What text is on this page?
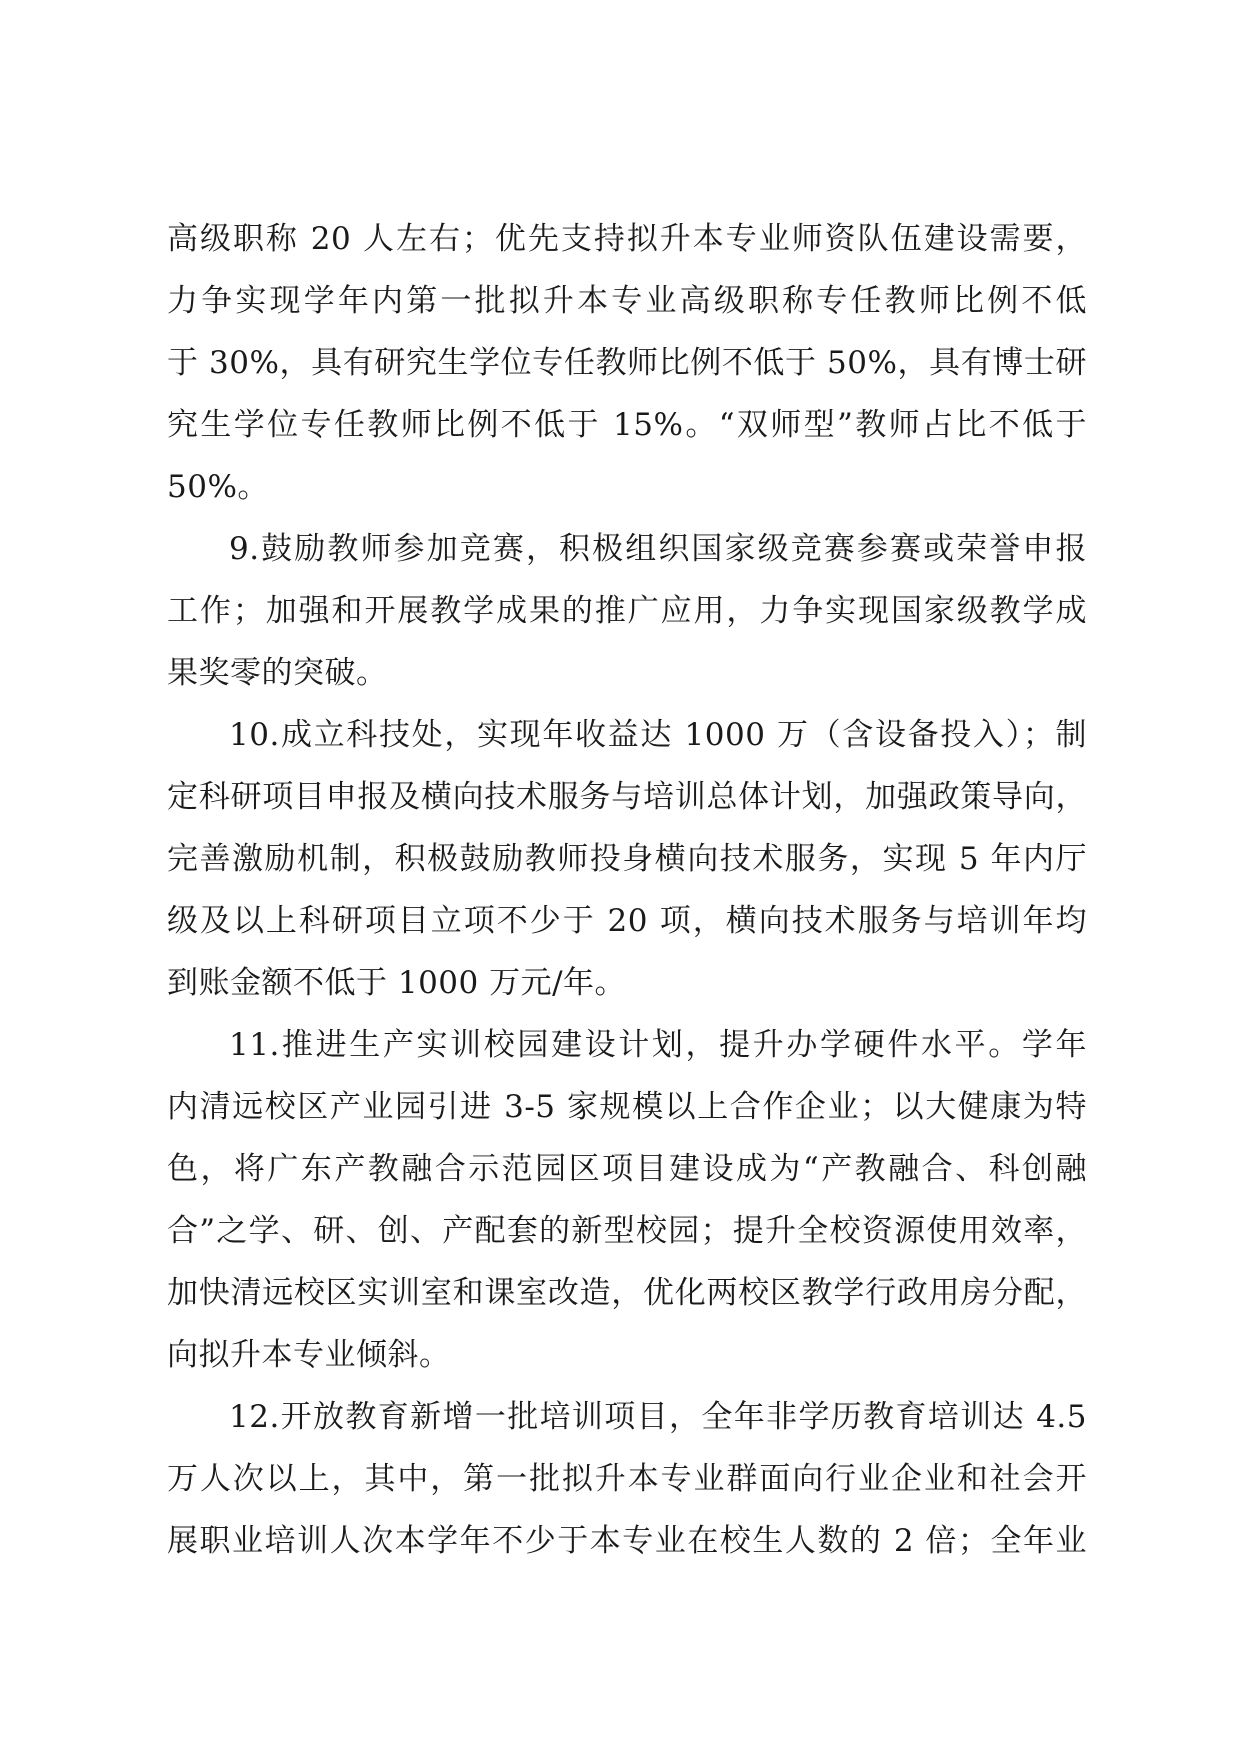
高级职称 20 人左右；优先支持拟升本专业师资队伍建设需要，
力争实现学年内第一批拟升本专业高级职称专任教师比例不低
于 30%，具有研究生学位专任教师比例不低于 50%，具有博士研
究生学位专任教师比例不低于 15%。“双师型”教师占比不低于
50%。
9.鼓励教师参加竞赛，积极组织国家级竞赛参赛或荣誉申报
工作；加强和开展教学成果的推广应用，力争实现国家级教学成
果奖零的突破。
10.成立科技处，实现年收益达 1000 万（含设备投入）；制
定科研项目申报及横向技术服务与培训总体计划，加强政策导向，
完善激励机制，积极鼓励教师投身横向技术服务，实现 5 年内厅
级及以上科研项目立项不少于 20 项，横向技术服务与培训年均
到账金额不低于 1000 万元/年。
11.推进生产实训校园建设计划，提升办学硬件水平。学年
内清远校区产业园引进 3-5 家规模以上合作企业；以大健康为特
色，将广东产教融合示范园区项目建设成为“产教融合、科创融
合”之学、研、创、产配套的新型校园；提升全校资源使用效率，
加快清远校区实训室和课室改造，优化两校区教学行政用房分配，
向拟升本专业倾斜。
12.开放教育新增一批培训项目，全年非学历教育培训达 4.5
万人次以上，其中，第一批拟升本专业群面向行业企业和社会开
展职业培训人次本学年不少于本专业在校生人数的 2 倍；全年业
